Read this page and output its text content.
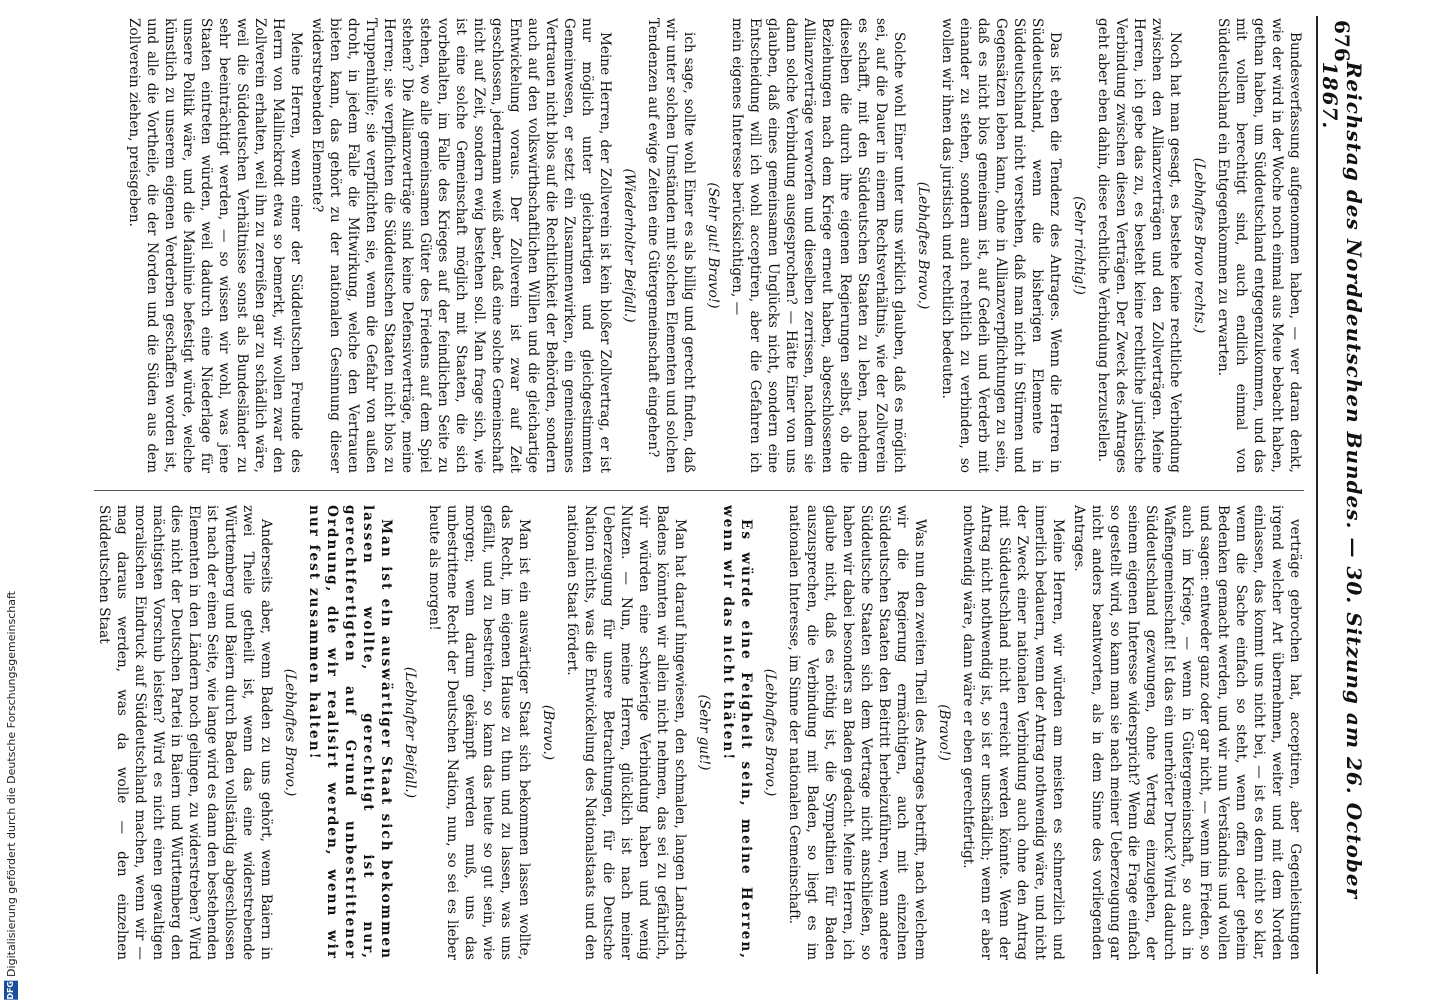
676
Reichstag des Norddeutschen Bundes. — 30. Sitzung am 26. October 1867.

Bundesverfassung aufgenommen haben, — wer daran denkt, wie der wird in der Woche noch einmal aus Meue bebacht haben, gethan haben, um Süddeutschland entgegenzukommen, und das mit vollem berechtigt sind, auch endlich einmal von Süddeutschland ein Entgegenkommen zu erwarten.

(Lebhaftes Bravo rechts.)

Noch hat man gesagt, es bestehe keine rechtliche Verbindung zwischen den Allianzverträgen und den Zollverträgen. Meine Herren, ich gebe das zu, es besteht keine rechtliche juristische Verbindung zwischen diesen Verträgen. Der Zweck des Antrages geht aber eben dahin, diese rechtliche Verbindung herzustellen.

(Sehr richtig!)

Das ist eben die Tendenz des Antrages. Wenn die Herren in Süddeutschland, wenn die bisherigen Elemente in Süddeutschland nicht verstehen, daß man nicht in Stürmen und Gegensätzen leben kann, ohne in Allianzverpflichtungen zu sein, daß es nicht blos gemeinsam ist, auf Gedeih und Verderb mit einander zu stehen, sondern auch rechtlich zu verbinden, so wollen wir ihnen das juristisch und rechtlich bedeuten.

(Lebhaftes Bravo.)

Solche wohl Einer unter uns wirklich glauben, daß es möglich sei, auf die Dauer in einem Rechtsverhältnis, wie der Zollverein es schafft, mit den Süddeutschen Staaten zu leben, nachdem dieselben die durch ihre eigenen Regierungen selbst, ob die Beziehungen nach dem Kriege erneut haben, abgeschlossenen Allianzverträge verworfen und dieselben zerrissen, nachdem sie dann solche Verbindung ausgesprochen? — Hätte Einer von uns glauben, daß eines gemeinsamen Unglücks nicht, sondern eine Entscheidung will ich wohl acceptiren, aber die Gefahren ich mein eigenes Interesse berücksichtigen, —

(Sehr gut! Bravo!)

ich sage, sollte wohl Einer es als billig und gerecht finden, daß wir unter solchen Umständen mit solchen Elementen und solchen Tendenzen auf ewige Zeiten eine Gütergemeinschaft eingehen?

(Wiederholter Beifall.)

Meine Herren, der Zollverein ist kein bloßer Zollvertrag, er ist nur möglich unter gleichartigen und gleichgestimmten Gemeinwesen, er setzt ein Zusammenwirken, ein gemeinsames Vertrauen nicht blos auf die Rechtlichkeit der Behörden, sondern auch auf den volkswirthschaftlichen Willen und die gleichartige Entwickelung voraus. Der Zollverein ist zwar auf Zeit geschlossen, jedermann weiß aber, daß eine solche Gemeinschaft nicht auf Zeit, sondern ewig bestehen soll. Man frage sich, wie ist eine solche Gemeinschaft möglich mit Staaten, die sich vorbehalten, im Falle des Krieges auf der feindlichen Seite zu stehen, wo alle gemeinsamen Güter des Friedens auf dem Spiel stehen? Die Allianzverträge sind keine Defensivverträge, meine Herren; sie verpflichten die Süddeutschen Staaten nicht blos zu Truppenhülfe; sie verpflichten sie, wenn die Gefahr von außen droht, in jedem Falle die Mitwirkung, welche den Vertrauen bieten kann, das gehört zu der nationalen Gesinnung dieser widerstrebenden Elemente?

Meine Herren, wenn einer der Süddeutschen Freunde des Herrn von Mallinckrodt etwa so bemerkt, wir wollen zwar den Zollverein erhalten, weil ihn zu zerreißen gar zu schädlich wäre, weil die Süddeutschen Verhältnisse sonst als Bundesländer zu sehr beeinträchtigt werden, — so wissen wir wohl, was jene Staaten eintreten würden, weil dadurch eine Niederlage für unsere Politik wäre, und die Mainlinie befestigt würde, welche künstlich zu unserem eigenen Verderben geschaffen worden ist, und alle die Vortheile, die der Norden und die Süden aus dem Zollverein ziehen, preisgeben.

verträge gebrochen hat, acceptiren, aber Gegenleistungen irgend welcher Art übernehmen, weiter und mit dem Norden einlassen, das kommt uns nicht bei, — ist es denn nicht so klar, wenn die Sache einfach so steht, wenn offen oder geheim Bedenken gemacht werden, und wir nun Verständnis und wollen und sagen: entweder ganz oder gar nicht, — wenn im Frieden, so auch im Kriege, — wenn in Gütergemeinschaft, so auch in Waffengemeinschaft! Ist das ein unerhörter Druck? Wird dadurch Süddeutschland gezwungen, ohne Vertrag einzugehen, der seinem eigenen Interesse widerspricht? Wenn die Frage einfach so gestellt wird, so kann man sie nach meiner Ueberzeugung gar nicht anders beantworten, als in dem Sinne des vorliegenden Antrages.

Meine Herren, wir würden am meisten es schmerzlich und innerlich bedauern, wenn der Antrag nothwendig wäre, und nicht der Zweck einer nationalen Verbindung auch ohne den Antrag mit Süddeutschland nicht erreicht werden könnte. Wenn der Antrag nicht nothwendig ist, so ist er unschädlich; wenn er aber nothwendig wäre, dann wäre er eben gerechtfertigt.

(Bravo!)

Was nun den zweiten Theil des Antrages betrifft, nach welchem wir die Regierung ermächtigen, auch mit einzelnen Süddeutschen Staaten den Beitritt herbeizuführen, wenn andere Süddeutsche Staaten sich dem Vertrage nicht anschließen, so haben wir dabei besonders an Baden gedacht. Meine Herren, ich glaube nicht, daß es nöthig ist, die Sympathien für Baden auszusprechen, die Verbindung mit Baden, so liegt es im nationalen Interesse, im Sinne der nationalen Gemeinschaft.

(Lebhaftes Bravo.)

Es würde eine Feigheit sein, meine Herren, wenn wir das nicht thäten!

(Sehr gut!)

Man hat darauf hingewiesen, den schmalen, langen Landstrich Badens könnten wir allein nicht nehmen, das sei zu gefährlich, wir würden eine schwierige Verbindung haben und wenig Nutzen. — Nun, meine Herren, glücklich ist nach meiner Ueberzeugung für unsere Betrachtungen, für die Deutsche Nation nichts, was die Entwickelung des Nationalstaats und den nationalen Staat fördert.

(Bravo.)

Man ist ein auswärtiger Staat sich bekommen lassen wollte, das Recht, im eigenen Hause zu thun und zu lassen, was uns gefällt, und zu bestreiten, so kann das heute so gut sein, wie morgen; wenn darum gekämpft werden muß, uns das unbestrittene Recht der Deutschen Nation, nun, so sei es lieber heute als morgen!

(Lebhafter Beifall.)

Man ist ein auswärtiger Staat sich bekommen lassen wollte, gerechtigt ist nur, gerechtfertigten auf Grund unbestrittener Ordnung, die wir realisirt werden, wenn wir nur fest zusammen halten!

(Lebhaftes Bravo.)

Anderseits aber, wenn Baden zu uns gehört, wenn Baiern in zwei Theile getheilt ist, wenn das eine widerstrebende Württemberg und Baiern durch Baden vollständig abgeschlossen ist nach der einen Seite, wie lange wird es dann den bestehenden Elementen in den Ländern noch gelingen, zu widerstreben? Wird dies nicht der Deutschen Partei in Baiern und Württemberg den mächtigsten Vorschub leisten? Wird es nicht einen gewaltigen moralischen Eindruck auf Süddeutschland machen, wenn wir — mag daraus werden, was da wolle — den einzelnen Süddeutschen Staat

Digitalisierung gefördert durch die Deutsche Forschungsgemeinschaft
DFG
